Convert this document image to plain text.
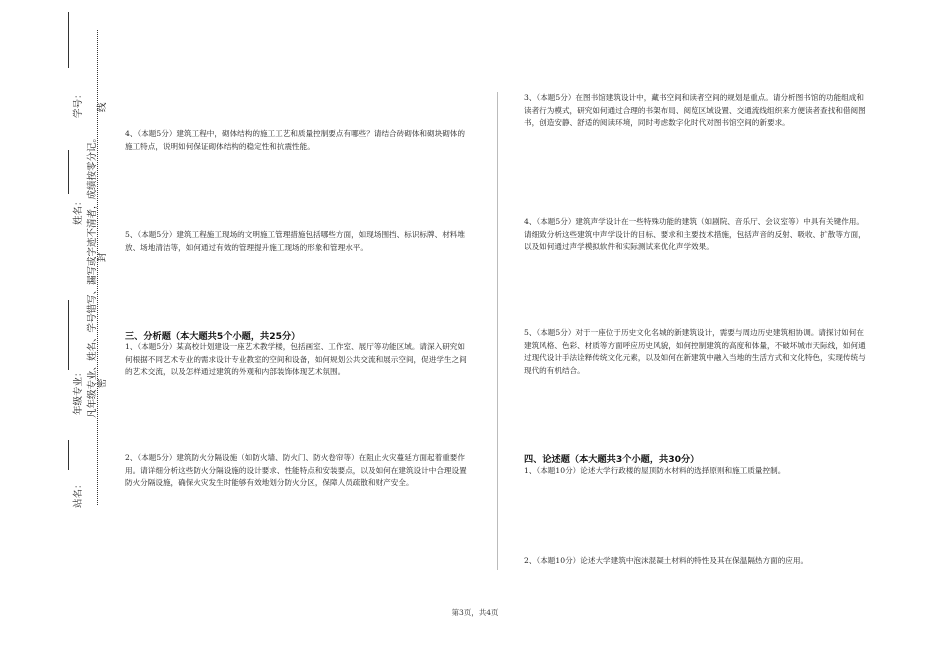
学号：
姓名：
年级专业：
站名：
凡年级专业、姓名、学号错写、漏写或字迹不清者，成绩按零分记。
线
封
密
4、（本题5分）建筑工程中，砌体结构的施工工艺和质量控制要点有哪些？请结合砖砌体和砌块砌体的施工特点，说明如何保证砌体结构的稳定性和抗震性能。
5、（本题5分）建筑工程施工现场的文明施工管理措施包括哪些方面，如现场围挡、标识标牌、材料堆放、场地清洁等，如何通过有效的管理提升施工现场的形象和管理水平。
三、分析题（本大题共5个小题，共25分）
1、（本题5分）某高校计划建设一座艺术教学楼，包括画室、工作室、展厅等功能区域。请深入研究如何根据不同艺术专业的需求设计专业教室的空间和设备，如何规划公共交流和展示空间，促进学生之间的艺术交流，以及怎样通过建筑的外观和内部装饰体现艺术氛围。
2、（本题5分）建筑防火分隔设施（如防火墙、防火门、防火卷帘等）在阻止火灾蔓延方面起着重要作用。请详细分析这些防火分隔设施的设计要求、性能特点和安装要点，以及如何在建筑设计中合理设置防火分隔设施，确保火灾发生时能够有效地划分防火分区，保障人员疏散和财产安全。
3、（本题5分）在图书馆建筑设计中，藏书空间和读者空间的规划是重点。请分析图书馆的功能组成和读者行为模式，研究如何通过合理的书架布局、阅览区域设置、交通流线组织来方便读者查找和借阅图书，创造安静、舒适的阅读环境，同时考虑数字化时代对图书馆空间的新要求。
4、（本题5分）建筑声学设计在一些特殊功能的建筑（如剧院、音乐厅、会议室等）中具有关键作用。请细致分析这些建筑中声学设计的目标、要求和主要技术措施，包括声音的反射、吸收、扩散等方面，以及如何通过声学模拟软件和实际测试来优化声学效果。
5、（本题5分）对于一座位于历史文化名城的新建筑设计，需要与周边历史建筑相协调。请探讨如何在建筑风格、色彩、材质等方面呼应历史风貌，如何控制建筑的高度和体量，不破坏城市天际线，如何通过现代设计手法诠释传统文化元素，以及如何在新建筑中融入当地的生活方式和文化特色，实现传统与现代的有机结合。
四、论述题（本大题共3个小题，共30分）
1、（本题10分）论述大学行政楼的屋顶防水材料的选择原则和施工质量控制。
2、（本题10分）论述大学建筑中泡沫混凝土材料的特性及其在保温隔热方面的应用。
第3页，共4页
